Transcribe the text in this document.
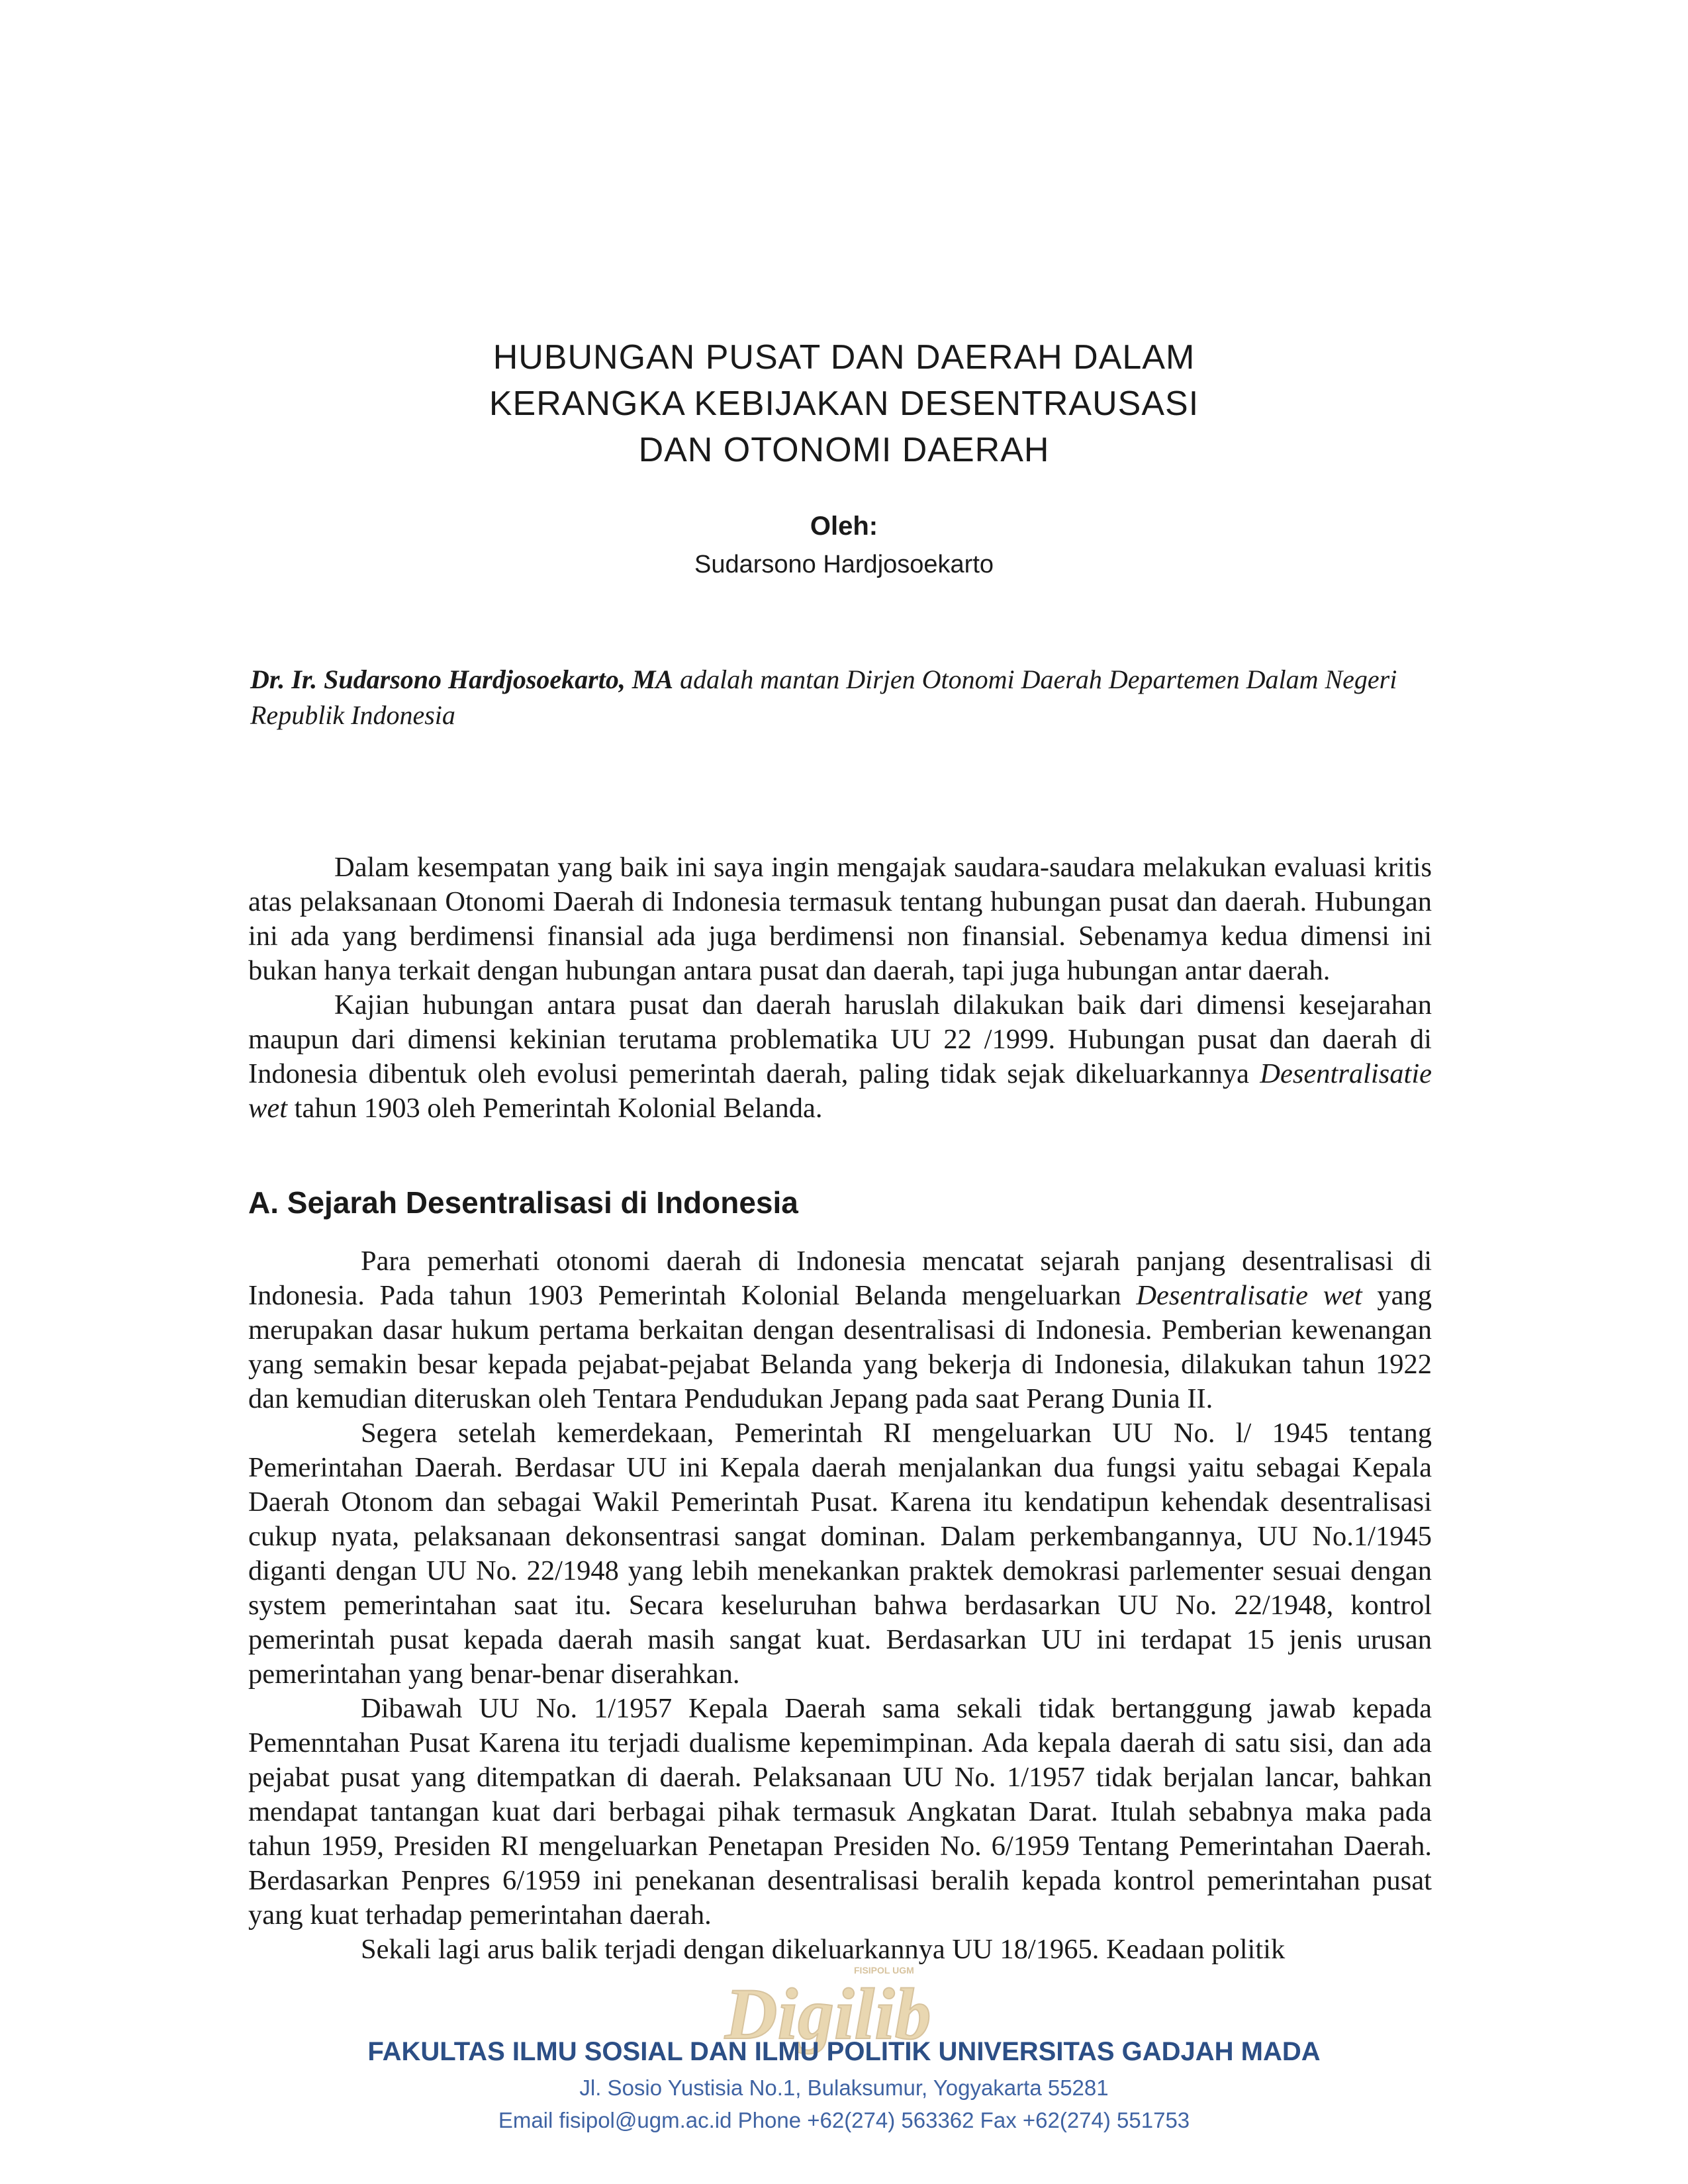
HUBUNGAN PUSAT DAN DAERAH DALAM
KERANGKA KEBIJAKAN DESENTRAUSASI
DAN OTONOMI DAERAH
Oleh:
Sudarsono Hardjosoekarto
Dr. Ir. Sudarsono Hardjosoekarto, MA adalah mantan Dirjen Otonomi Daerah Departemen Dalam Negeri Republik Indonesia

Dalam kesempatan yang baik ini saya ingin mengajak saudara-saudara melakukan evaluasi kritis atas pelaksanaan Otonomi Daerah di Indonesia termasuk tentang hubungan pusat dan daerah. Hubungan ini ada yang berdimensi finansial ada juga berdimensi non finansial. Sebenamya kedua dimensi ini bukan hanya terkait dengan hubungan antara pusat dan daerah, tapi juga hubungan antar daerah.

Kajian hubungan antara pusat dan daerah haruslah dilakukan baik dari dimensi kesejarahan maupun dari dimensi kekinian terutama problematika UU 22 /1999. Hubungan pusat dan daerah di Indonesia dibentuk oleh evolusi pemerintah daerah, paling tidak sejak dikeluarkannya Desentralisatie wet tahun 1903 oleh Pemerintah Kolonial Belanda.

A. Sejarah Desentralisasi di Indonesia

Para pemerhati otonomi daerah di Indonesia mencatat sejarah panjang desentralisasi di Indonesia. Pada tahun 1903 Pemerintah Kolonial Belanda mengeluarkan Desentralisatie wet yang merupakan dasar hukum pertama berkaitan dengan desentralisasi di Indonesia. Pemberian kewenangan yang semakin besar kepada pejabat-pejabat Belanda yang bekerja di Indonesia, dilakukan tahun 1922 dan kemudian diteruskan oleh Tentara Pendudukan Jepang pada saat Perang Dunia II.

Segera setelah kemerdekaan, Pemerintah RI mengeluarkan UU No. l/ 1945 tentang Pemerintahan Daerah. Berdasar UU ini Kepala daerah menjalankan dua fungsi yaitu sebagai Kepala Daerah Otonom dan sebagai Wakil Pemerintah Pusat. Karena itu kendatipun kehendak desentralisasi cukup nyata, pelaksanaan dekonsentrasi sangat dominan. Dalam perkembangannya, UU No.1/1945 diganti dengan UU No. 22/1948 yang lebih menekankan praktek demokrasi parlementer sesuai dengan system pemerintahan saat itu. Secara keseluruhan bahwa berdasarkan UU No. 22/1948, kontrol pemerintah pusat kepada daerah masih sangat kuat. Berdasarkan UU ini terdapat 15 jenis urusan pemerintahan yang benar-benar diserahkan.

Dibawah UU No. 1/1957 Kepala Daerah sama sekali tidak bertanggung jawab kepada Pemenntahan Pusat Karena itu terjadi dualisme kepemimpinan. Ada kepala daerah di satu sisi, dan ada pejabat pusat yang ditempatkan di daerah. Pelaksanaan UU No. 1/1957 tidak berjalan lancar, bahkan mendapat tantangan kuat dari berbagai pihak termasuk Angkatan Darat. Itulah sebabnya maka pada tahun 1959, Presiden RI mengeluarkan Penetapan Presiden No. 6/1959 Tentang Pemerintahan Daerah. Berdasarkan Penpres 6/1959 ini penekanan desentralisasi beralih kepada kontrol pemerintahan pusat yang kuat terhadap pemerintahan daerah.

Sekali lagi arus balik terjadi dengan dikeluarkannya UU 18/1965. Keadaan politik

FISIPOL UGM
Digilib
FAKULTAS ILMU SOSIAL DAN ILMU POLITIK UNIVERSITAS GADJAH MADA
Jl. Sosio Yustisia No.1, Bulaksumur, Yogyakarta 55281
Email fisipol@ugm.ac.id Phone +62(274) 563362 Fax +62(274) 551753
